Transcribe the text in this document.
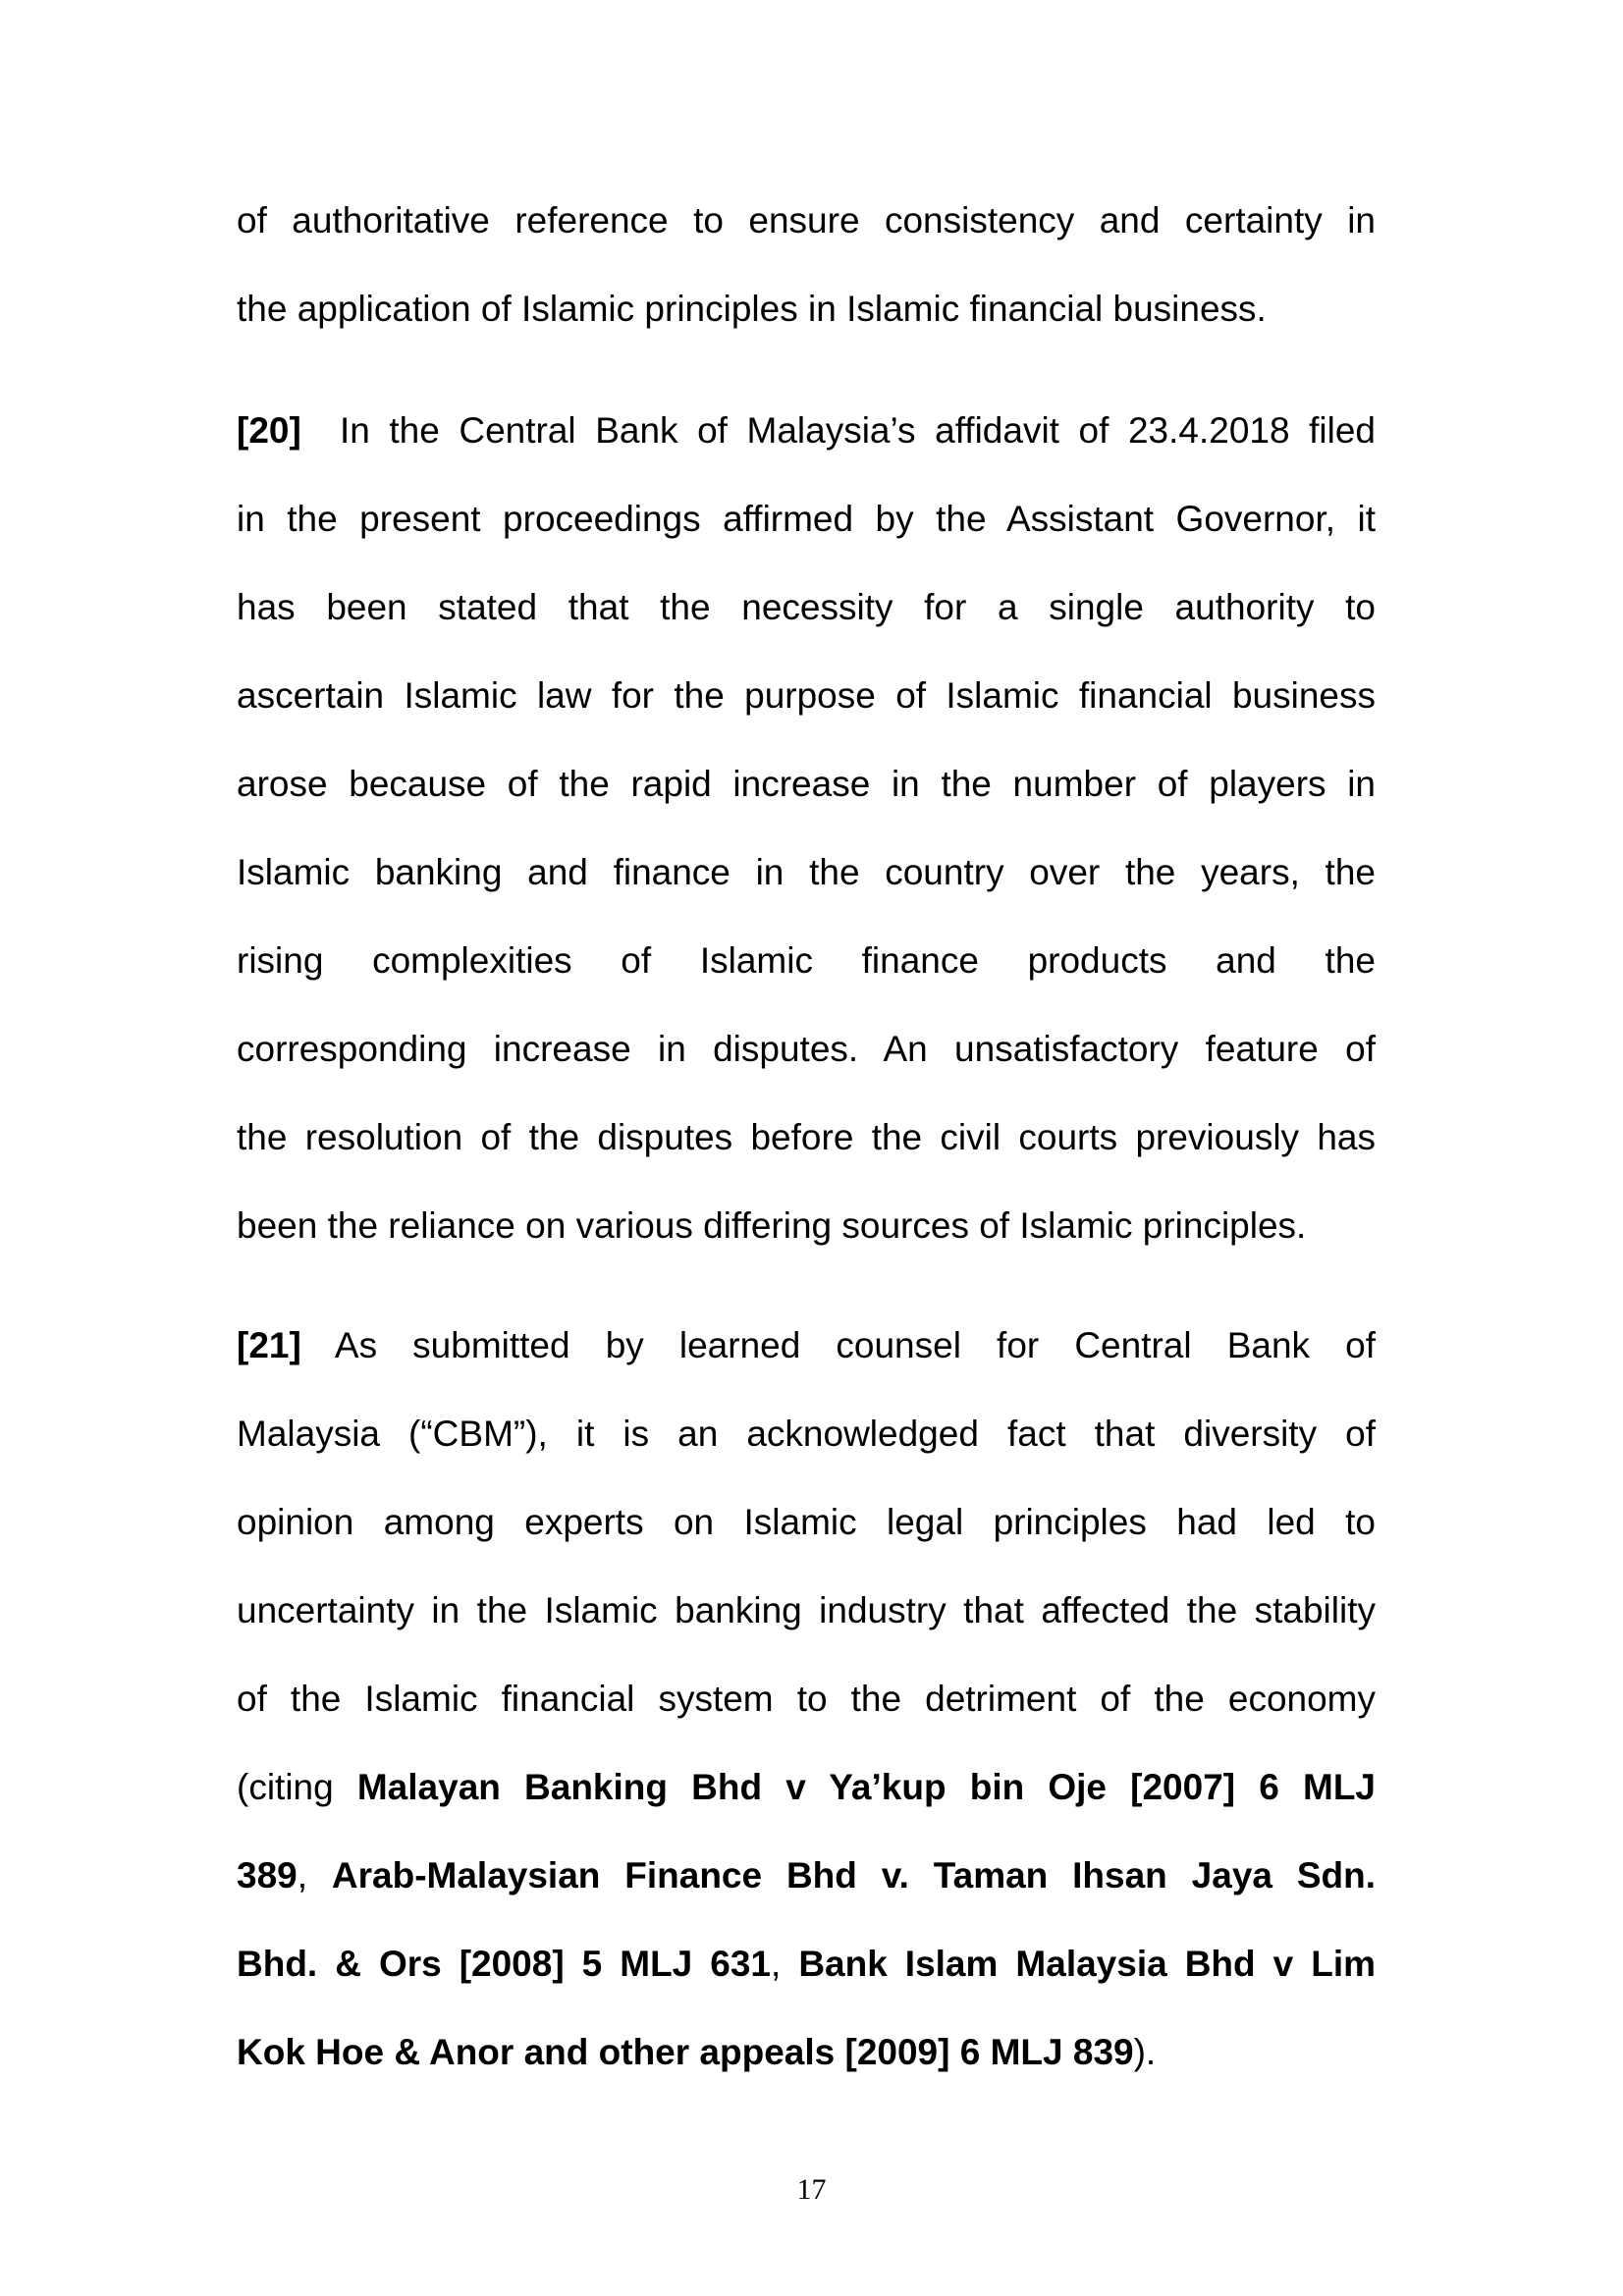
of authoritative reference to ensure consistency and certainty in
the application of Islamic principles in Islamic financial business.
[20] In the Central Bank of Malaysia’s affidavit of 23.4.2018 filed
in the present proceedings affirmed by the Assistant Governor, it
has been stated that the necessity for a single authority to
ascertain Islamic law for the purpose of Islamic financial business
arose because of the rapid increase in the number of players in
Islamic banking and finance in the country over the years, the
rising complexities of Islamic finance products and the
corresponding increase in disputes. An unsatisfactory feature of
the resolution of the disputes before the civil courts previously has
been the reliance on various differing sources of Islamic principles.
[21] As submitted by learned counsel for Central Bank of
Malaysia (“CBM”), it is an acknowledged fact that diversity of
opinion among experts on Islamic legal principles had led to
uncertainty in the Islamic banking industry that affected the stability
of the Islamic financial system to the detriment of the economy
(citing Malayan Banking Bhd v Ya’kup bin Oje [2007] 6 MLJ
389, Arab-Malaysian Finance Bhd v. Taman Ihsan Jaya Sdn.
Bhd. & Ors [2008] 5 MLJ 631, Bank Islam Malaysia Bhd v Lim
Kok Hoe & Anor and other appeals [2009] 6 MLJ 839).
17
